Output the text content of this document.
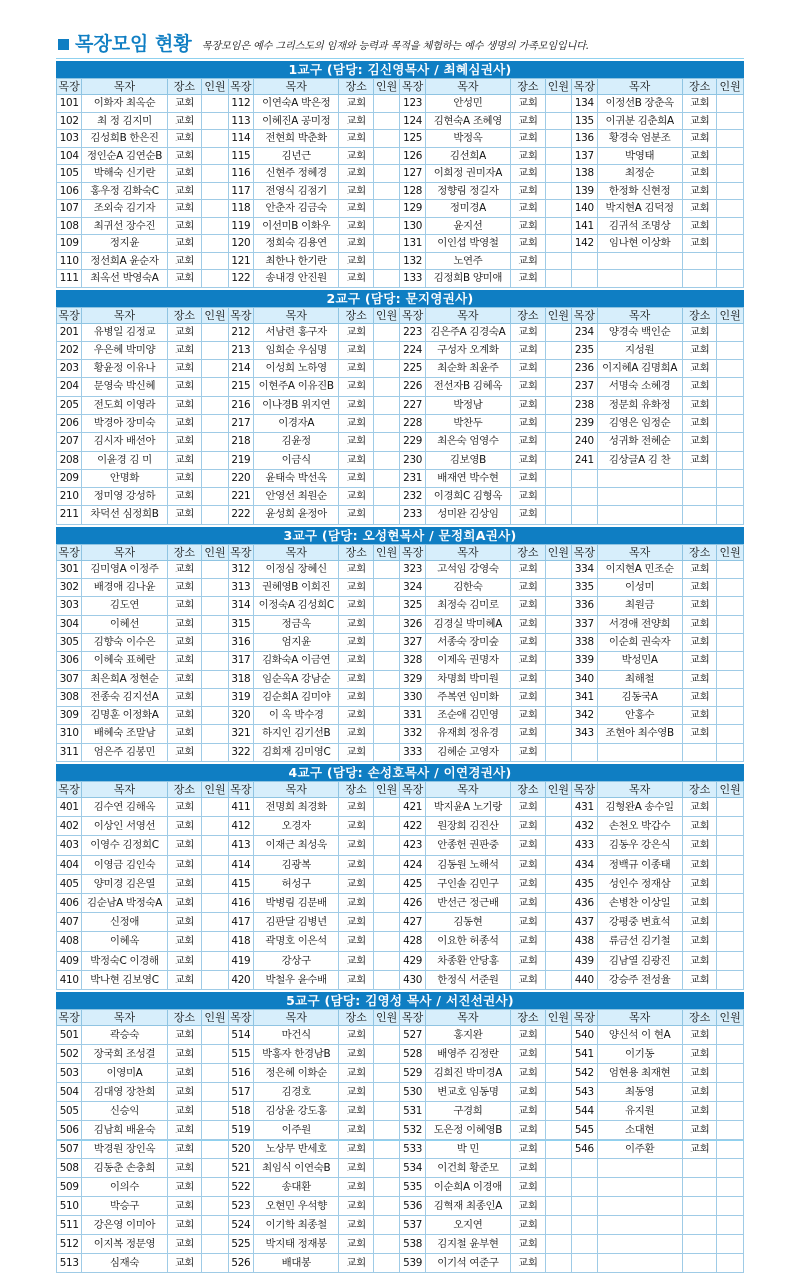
목장모임 현황 목장모임은 예수 그리스도의 임재와 능력과 목적을 체험하는 예수 생명의 가족모임입니다.
1교구 (담당: 김신영목사 / 최혜심권사)
목장	목자	장소	인원	목장	목자	장소	인원	목장	목자	장소	인원	목장	목자	장소	인원
101	이화자 최옥순	교회		112	이연숙A 박은정	교회		123	안성민	교회		134	이정선B 장춘옥	교회	
102	최 정 김지미	교회		113	이혜진A 공미정	교회		124	김현숙A 조혜영	교회		135	이귀분 김춘희A	교회	
103	김성희B 한은진	교회		114	전현희 박춘화	교회		125	박정옥	교회		136	황경숙 엄분조	교회	
104	정인순A 김연순B	교회		115	김년근	교회		126	김선희A	교회		137	박영태	교회	
105	박해숙 신기란	교회		116	신현주 정혜경	교회		127	이희정 권미자A	교회		138	최정순	교회	
106	홍우정 김화숙C	교회		117	전영식 김점기	교회		128	정향림 정길자	교회		139	한정화 신현정	교회	
107	조외숙 김기자	교회		118	안춘자 김금숙	교회		129	정미경A	교회		140	박지현A 김덕정	교회	
108	최귀선 장수진	교회		119	이선미B 이화우	교회		130	윤지선	교회		141	김귀석 조명상	교회	
109	정지윤	교회		120	정희숙 김용연	교회		131	이인섭 박영철	교회		142	임나현 이상화	교회	
110	정선희A 윤순자	교회		121	최한나 한기란	교회		132	노연주	교회					
111	최옥선 박영숙A	교회		122	송내경 안진원	교회		133	김정희B 양미애	교회					
2교구 (담당: 문지영권사)
목장	목자	장소	인원	목장	목자	장소	인원	목장	목자	장소	인원	목장	목자	장소	인원
201	유병일 김정교	교회		212	서남련 홍구자	교회		223	김은주A 김경숙A	교회		234	양경숙 백인순	교회	
202	우은혜 박미양	교회		213	임희순 우심명	교회		224	구성자 오계화	교회		235	지성원	교회	
203	황윤정 이유나	교회		214	이성희 노하영	교회		225	최순화 최윤주	교회		236	이지혜A 김명희A	교회	
204	문영숙 박신혜	교회		215	이현주A 이유진B	교회		226	전선자B 김혜옥	교회		237	서명숙 소혜경	교회	
205	전도희 이영라	교회		216	이나경B 위지연	교회		227	박정남	교회		238	정문희 유화정	교회	
206	박경아 장미숙	교회		217	이경자A	교회		228	박찬두	교회		239	김영은 임정순	교회	
207	김시자 배선아	교회		218	김윤정	교회		229	최은숙 엄영수	교회		240	성귀화 전혜순	교회	
208	이윤경 김 미	교회		219	이금식	교회		230	김보영B	교회		241	김상글A 김 찬	교회	
209	안명화	교회		220	윤태숙 박선옥	교회		231	배재연 박수현	교회					
210	정미영 강성하	교회		221	안영선 최원순	교회		232	이경희C 김형옥	교회					
211	차덕선 심정희B	교회		222	윤성희 윤정아	교회		233	성미완 김상임	교회					
3교구 (담당: 오성현목사 / 문정희A권사)
목장	목자	장소	인원	목장	목자	장소	인원	목장	목자	장소	인원	목장	목자	장소	인원
301	김미영A 이정주	교회		312	이정심 장혜신	교회		323	고석임 강영숙	교회		334	이지현A 민조순	교회	
302	배경애 김나윤	교회		313	권혜영B 이희진	교회		324	김한숙	교회		335	이성미	교회	
303	김도연	교회		314	이정숙A 김성희C	교회		325	최정숙 김미로	교회		336	최원금	교회	
304	이혜선	교회		315	정금옥	교회		326	김경실 박미혜A	교회		337	서경애 전양희	교회	
305	김향숙 이수은	교회		316	엄지윤	교회		327	서종숙 장미숲	교회		338	이순희 권숙자	교회	
306	이혜숙 표혜란	교회		317	김화숙A 이금연	교회		328	이제옥 권명자	교회		339	박성민A	교회	
307	최은희A 정현순	교회		318	임순옥A 강남순	교회		329	차명희 박미원	교회		340	최해철	교회	
308	전종숙 김지선A	교회		319	김순희A 김미야	교회		330	주복연 임미화	교회		341	김동국A	교회	
309	김명훈 이정화A	교회		320	이 옥 박수경	교회		331	조순애 김민영	교회		342	안홍수	교회	
310	배혜숙 조말남	교회		321	하지인 김기선B	교회		332	유재희 정유경	교회		343	조현아 최수영B	교회	
311	엄은주 김봉민	교회		322	김희재 김미영C	교회		333	김혜순 고영자	교회					
4교구 (담당: 손성호목사 / 이연경권사)
목장	목자	장소	인원	목장	목자	장소	인원	목장	목자	장소	인원	목장	목자	장소	인원
401	김수연 김해옥	교회		411	전명희 최경화	교회		421	박지윤A 노기랑	교회		431	김형완A 송수일	교회	
402	이상인 서영선	교회		412	오경자	교회		422	원장희 김진산	교회		432	손천오 박갑수	교회	
403	이영수 김정희C	교회		413	이재근 최성욱	교회		423	안종헌 권판중	교회		433	김동우 강은식	교회	
404	이영금 김인숙	교회		414	김광복	교회		424	김동원 노해석	교회		434	정백규 이종태	교회	
405	양미경 김은열	교회		415	허성구	교회		425	구인솔 김민구	교회		435	성인수 정재삼	교회	
406	김순남A 박정숙A	교회		416	박병림 김문배	교회		426	반선근 정근배	교회		436	손병찬 이상일	교회	
407	신정애	교회		417	김판달 김병년	교회		427	김동현	교회		437	강평중 변효석	교회	
408	이혜옥	교회		418	곽명호 이은석	교회		428	이요한 허종석	교회		438	류금선 김기철	교회	
409	박정숙C 이경해	교회		419	강상구	교회		429	차종환 안당홍	교회		439	김남열 김광진	교회	
410	박나현 김보영C	교회		420	박철우 윤수배	교회		430	한정식 서준원	교회		440	강승주 전성율	교회	
5교구 (담당: 김영성 목사 / 서진선권사)
목장	목자	장소	인원	목장	목자	장소	인원	목장	목자	장소	인원	목장	목자	장소	인원
501	곽승숙	교회		514	마건식	교회		527	홍지완	교회		540	양신석 이 현A	교회	
502	장국희 조성결	교회		515	박홍자 한경남B	교회		528	배영주 김정란	교회		541	이기동	교회	
503	이영미A	교회		516	정은혜 이화순	교회		529	김희진 박미경A	교회		542	엄현용 최재현	교회	
504	김대영 장찬희	교회		517	김경호	교회		530	변교호 임동명	교회		543	최동영	교회	
505	신승익	교회		518	김상윤 강도홍	교회		531	구경희	교회		544	유지원	교회	
506	김남희 배윤숙	교회		519	이주원	교회		532	도은정 이혜영B	교회		545	소대현	교회	
507	박경원 장인옥	교회		520	노상무 반세호	교회		533	박 민	교회		546	이주환	교회	
508	김동춘 손충희	교회		521	최임식 이연숙B	교회		534	이건희 황준모	교회					
509	이의수	교회		522	송대환	교회		535	이순희A 이경애	교회					
510	박승구	교회		523	오현민 우석향	교회		536	김혁재 최종인A	교회					
511	강은영 이미아	교회		524	이기학 최종철	교회		537	오지연	교회					
512	이지복 정문영	교회		525	박지태 정재봉	교회		538	김지철 윤부현	교회					
513	심재숙	교회		526	배대봉	교회		539	이기석 여준구	교회					
